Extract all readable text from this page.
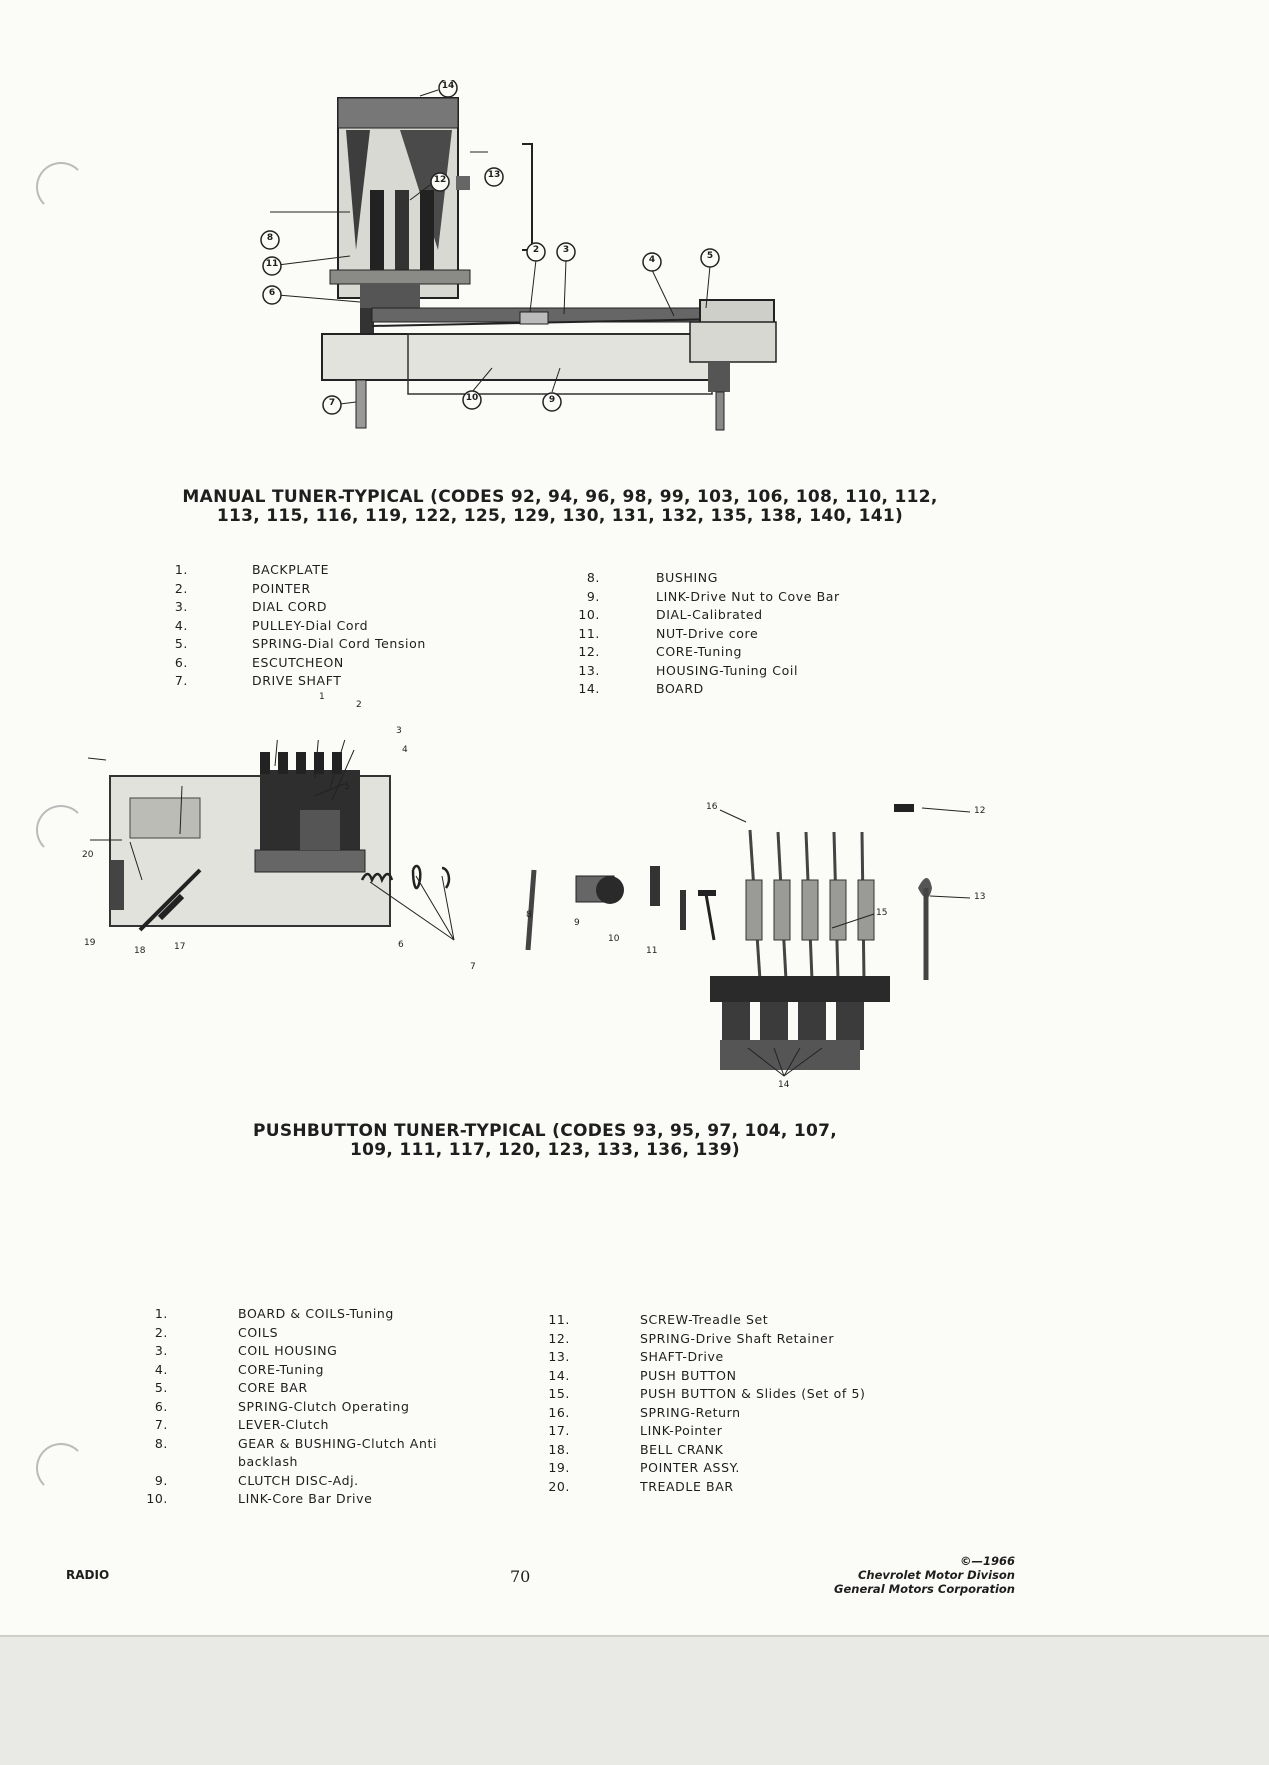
14
13
12
8
11
2	3
4	5
6
7	10	9
MANUAL TUNER-TYPICAL (CODES 92, 94, 96, 98, 99, 103, 106, 108, 110, 112,
113, 115, 116, 119, 122, 125, 129, 130, 131, 132, 135, 138, 140, 141)
1.	BACKPLATE
2.	POINTER
3.	DIAL CORD
4.	PULLEY-Dial Cord
5.	SPRING-Dial Cord Tension
6.	ESCUTCHEON
7.	DRIVE SHAFT
8.	BUSHING
9.	LINK-Drive Nut to Cove Bar
10.	DIAL-Calibrated
11.	NUT-Drive core
12.	CORE-Tuning
13.	HOUSING-Tuning Coil
14.	BOARD
1
2
3
4
5
6
7
8
9
10
11
12
13
14
15
16
17
18
19
20
PUSHBUTTON TUNER-TYPICAL (CODES 93, 95, 97, 104, 107,
109, 111, 117, 120, 123, 133, 136, 139)
1.	BOARD & COILS-Tuning
2.	COILS
3.	COIL HOUSING
4.	CORE-Tuning
5.	CORE BAR
6.	SPRING-Clutch Operating
7.	LEVER-Clutch
8.	GEAR & BUSHING-Clutch Anti
backlash
9.	CLUTCH DISC-Adj.
10.	LINK-Core Bar Drive
11.	SCREW-Treadle Set
12.	SPRING-Drive Shaft Retainer
13.	SHAFT-Drive
14.	PUSH BUTTON
15.	PUSH BUTTON & Slides (Set of 5)
16.	SPRING-Return
17.	LINK-Pointer
18.	BELL CRANK
19.	POINTER ASSY.
20.	TREADLE BAR
RADIO	70
©—1966
Chevrolet Motor Divison
General Motors Corporation
